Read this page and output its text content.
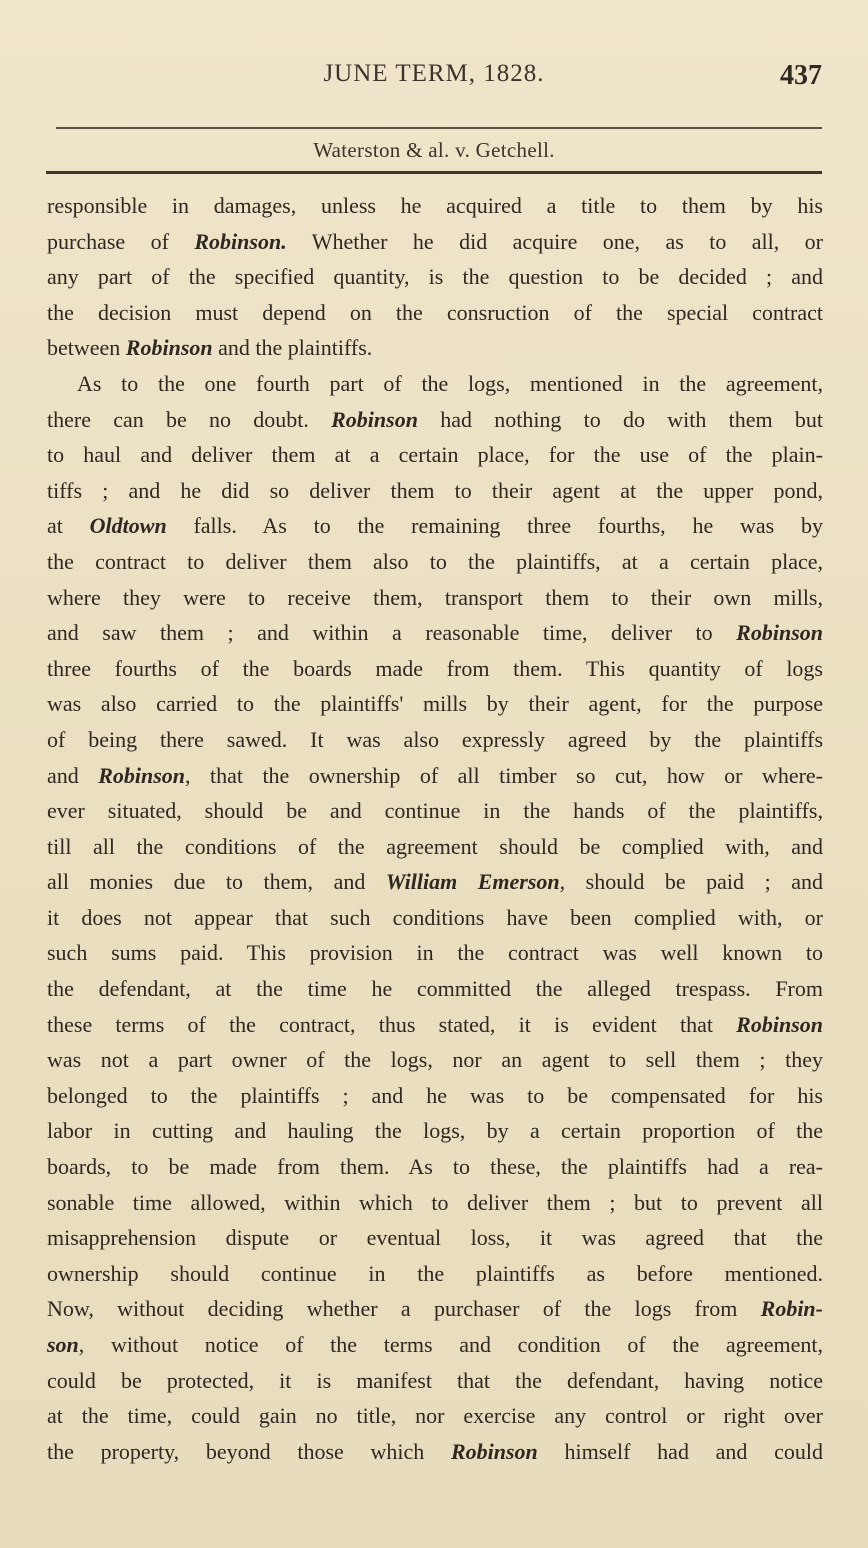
JUNE TERM, 1828.	437
Waterston & al. v. Getchell.
responsible in damages, unless he acquired a title to them by his
purchase of Robinson. Whether he did acquire one, as to all, or
any part of the specified quantity, is the question to be decided ; and
the decision must depend on the consruction of the special contract
between Robinson and the plaintiffs.
As to the one fourth part of the logs, mentioned in the agreement,
there can be no doubt. Robinson had nothing to do with them but
to haul and deliver them at a certain place, for the use of the plain-
tiffs ; and he did so deliver them to their agent at the upper pond,
at Oldtown falls. As to the remaining three fourths, he was by
the contract to deliver them also to the plaintiffs, at a certain place,
where they were to receive them, transport them to their own mills,
and saw them ; and within a reasonable time, deliver to Robinson
three fourths of the boards made from them. This quantity of logs
was also carried to the plaintiffs' mills by their agent, for the purpose
of being there sawed. It was also expressly agreed by the plaintiffs
and Robinson, that the ownership of all timber so cut, how or where-
ever situated, should be and continue in the hands of the plaintiffs,
till all the conditions of the agreement should be complied with, and
all monies due to them, and William Emerson, should be paid ; and
it does not appear that such conditions have been complied with, or
such sums paid. This provision in the contract was well known to
the defendant, at the time he committed the alleged trespass. From
these terms of the contract, thus stated, it is evident that Robinson
was not a part owner of the logs, nor an agent to sell them ; they
belonged to the plaintiffs ; and he was to be compensated for his
labor in cutting and hauling the logs, by a certain proportion of the
boards, to be made from them. As to these, the plaintiffs had a rea-
sonable time allowed, within which to deliver them ; but to prevent all
misapprehension dispute or eventual loss, it was agreed that the
ownership should continue in the plaintiffs as before mentioned.
Now, without deciding whether a purchaser of the logs from Robin-
son, without notice of the terms and condition of the agreement,
could be protected, it is manifest that the defendant, having notice
at the time, could gain no title, nor exercise any control or right over
the property, beyond those which Robinson himself had and could
